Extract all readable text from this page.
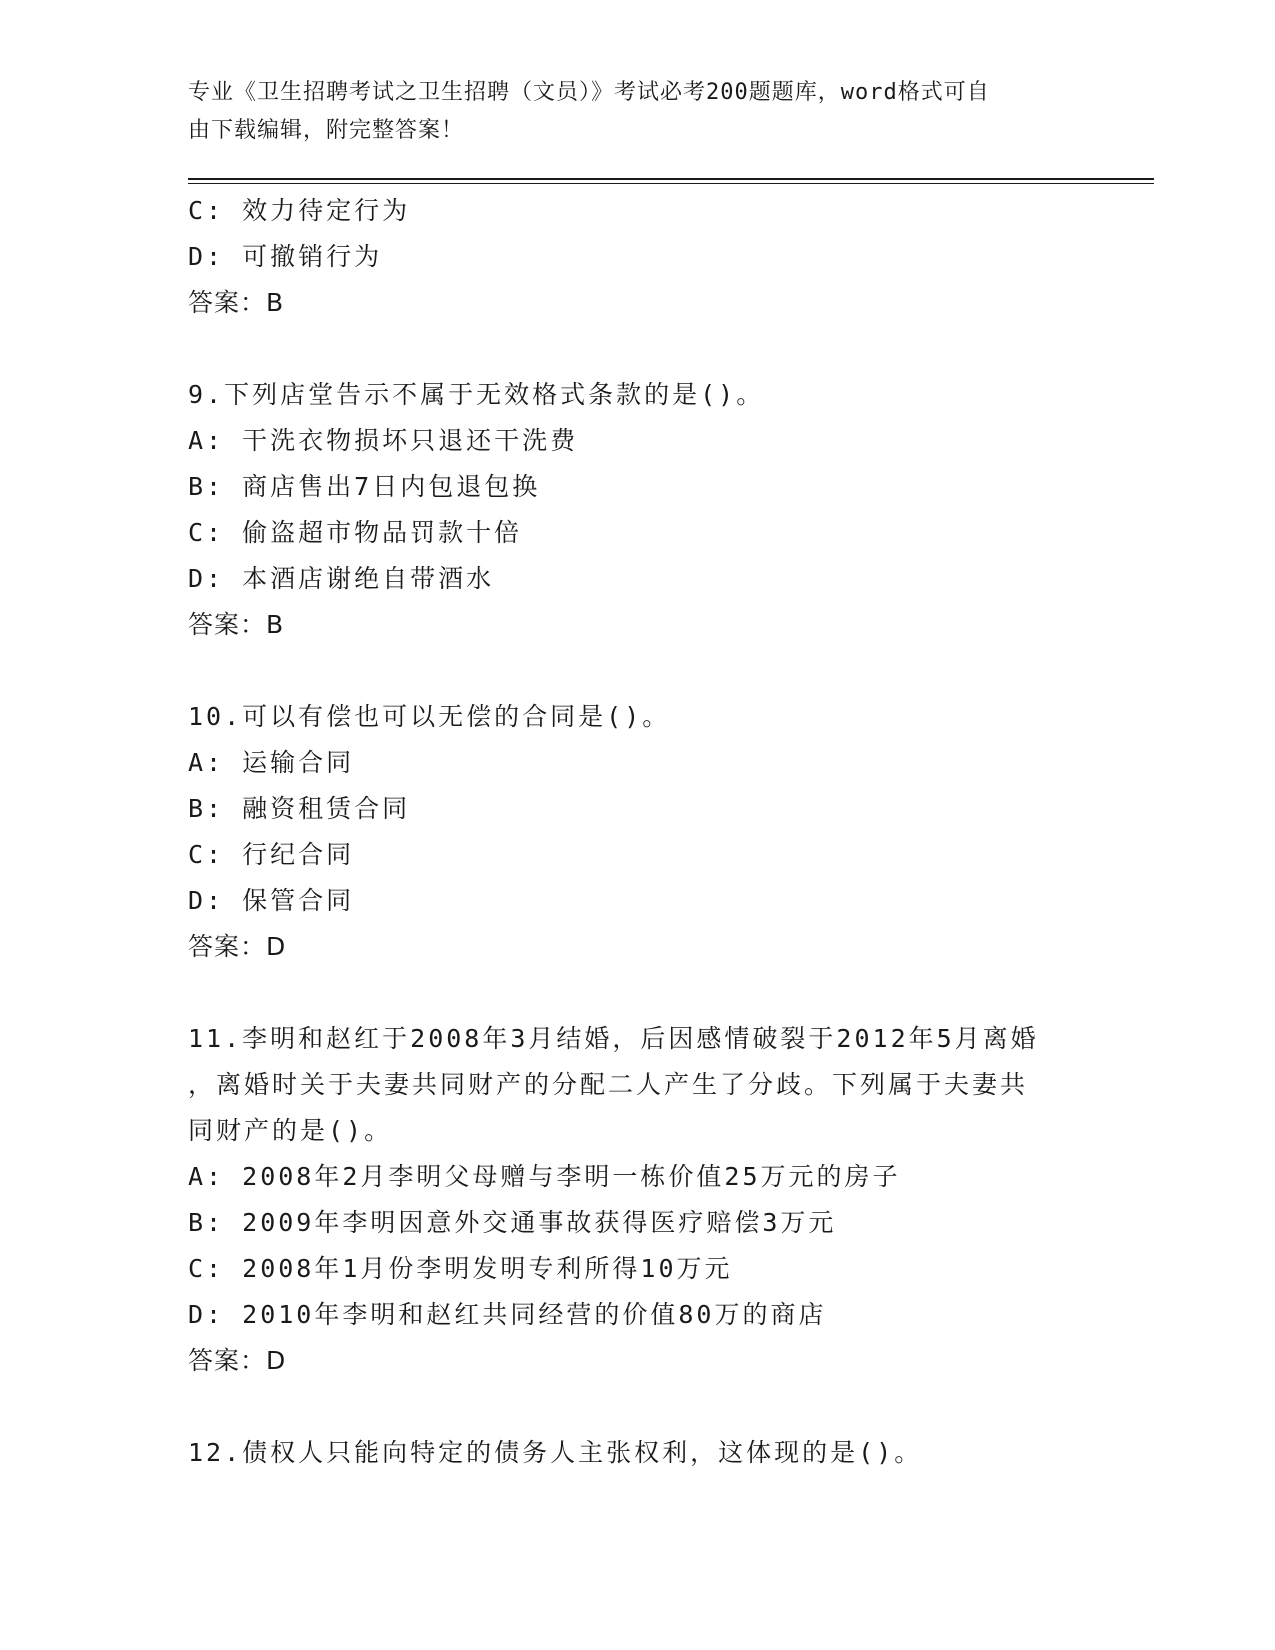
专业《卫生招聘考试之卫生招聘（文员）》考试必考200题题库，word格式可自
由下载编辑，附完整答案！
C: 效力待定行为
D: 可撤销行为
答案：B
9.下列店堂告示不属于无效格式条款的是()。
A: 干洗衣物损坏只退还干洗费
B: 商店售出7日内包退包换
C: 偷盗超市物品罚款十倍
D: 本酒店谢绝自带酒水
答案：B
10.可以有偿也可以无偿的合同是()。
A: 运输合同
B: 融资租赁合同
C: 行纪合同
D: 保管合同
答案：D
11.李明和赵红于2008年3月结婚，后因感情破裂于2012年5月离婚
，离婚时关于夫妻共同财产的分配二人产生了分歧。下列属于夫妻共
同财产的是()。
A: 2008年2月李明父母赠与李明一栋价值25万元的房子
B: 2009年李明因意外交通事故获得医疗赔偿3万元
C: 2008年1月份李明发明专利所得10万元
D: 2010年李明和赵红共同经营的价值80万的商店
答案：D
12.债权人只能向特定的债务人主张权利，这体现的是()。
